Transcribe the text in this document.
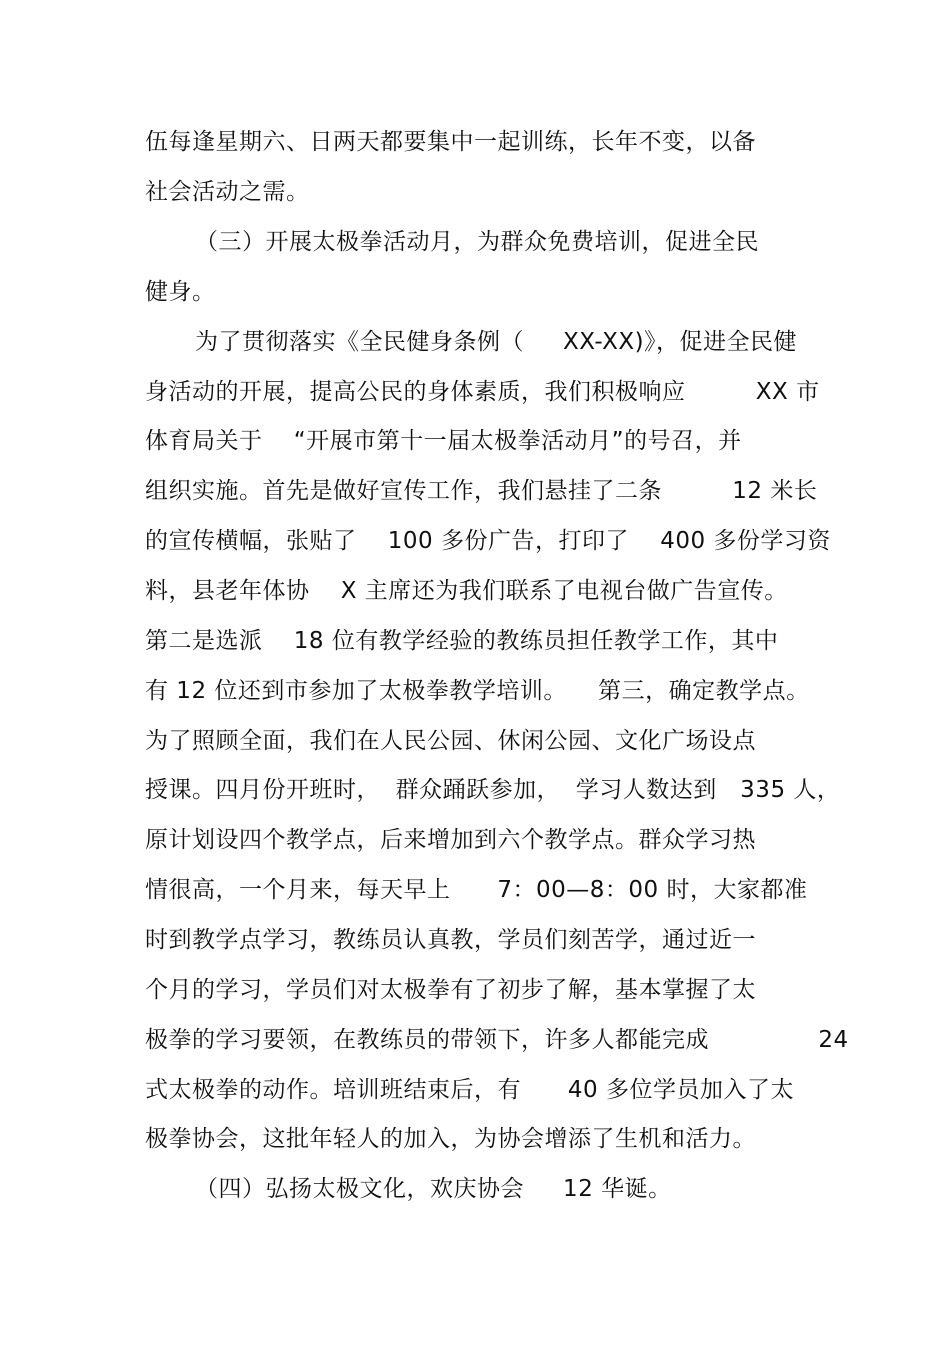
伍每逢星期六、日两天都要集中一起训练，长年不变，以备
社会活动之需。
（三）开展太极拳活动月，为群众免费培训，促进全民
健身。
为了贯彻落实《全民健身条例（     XX-XX)》，促进全民健
身活动的开展，提高公民的身体素质，我们积极响应         XX 市
体育局关于    “开展市第十一届太极拳活动月”的号召，并
组织实施。首先是做好宣传工作，我们悬挂了二条         12 米长
的宣传横幅，张贴了    100 多份广告，打印了    400 多份学习资
料，县老年体协    X 主席还为我们联系了电视台做广告宣传。
第二是选派    18 位有教学经验的教练员担任教学工作，其中
有 12 位还到市参加了太极拳教学培训。    第三，确定教学点。
为了照顾全面，我们在人民公园、休闲公园、文化广场设点
授课。四月份开班时，  群众踊跃参加，  学习人数达到   335 人，
原计划设四个教学点，后来增加到六个教学点。群众学习热
情很高，一个月来，每天早上      7：00—8：00 时，大家都准
时到教学点学习，教练员认真教，学员们刻苦学，通过近一
个月的学习，学员们对太极拳有了初步了解，基本掌握了太
极拳的学习要领，在教练员的带领下，许多人都能完成              24
式太极拳的动作。培训班结束后，有      40 多位学员加入了太
极拳协会，这批年轻人的加入，为协会增添了生机和活力。
（四）弘扬太极文化，欢庆协会     12 华诞。
